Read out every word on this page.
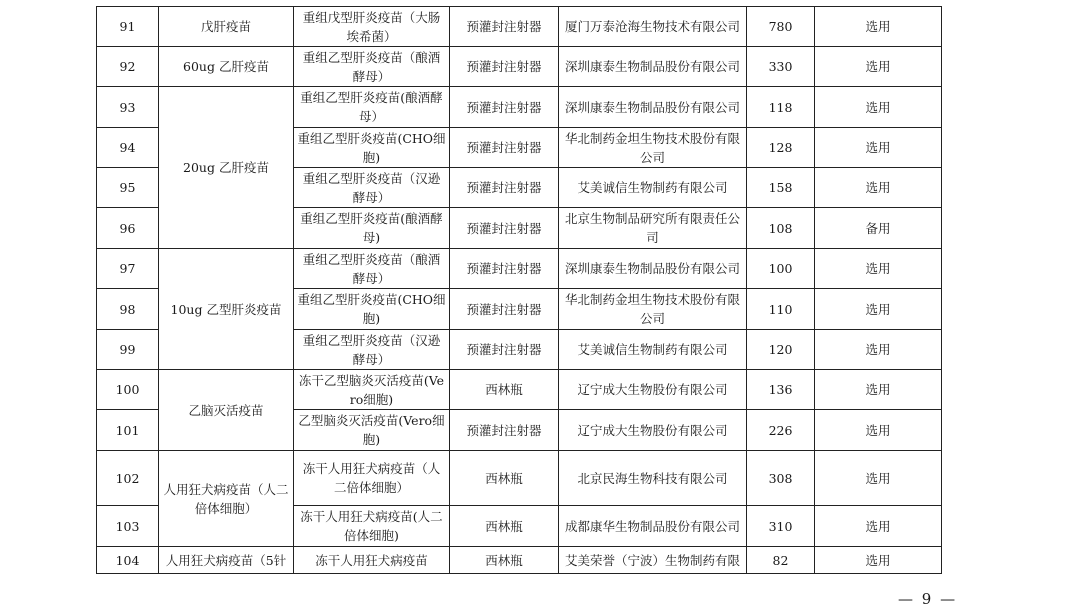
91	戊肝疫苗	重组戊型肝炎疫苗（大肠埃希菌）	预灌封注射器	厦门万泰沧海生物技术有限公司	780	选用
92	60ug 乙肝疫苗	重组乙型肝炎疫苗（酿酒酵母）	预灌封注射器	深圳康泰生物制品股份有限公司	330	选用
93	20ug 乙肝疫苗	重组乙型肝炎疫苗(酿酒酵母）	预灌封注射器	深圳康泰生物制品股份有限公司	118	选用
94		重组乙型肝炎疫苗(CHO细胞)	预灌封注射器	华北制药金坦生物技术股份有限公司	128	选用
95		重组乙型肝炎疫苗（汉逊酵母）	预灌封注射器	艾美诚信生物制药有限公司	158	选用
96		重组乙型肝炎疫苗(酿酒酵母)	预灌封注射器	北京生物制品研究所有限责任公司	108	备用
97	10ug 乙型肝炎疫苗	重组乙型肝炎疫苗（酿酒酵母）	预灌封注射器	深圳康泰生物制品股份有限公司	100	选用
98		重组乙型肝炎疫苗(CHO细胞)	预灌封注射器	华北制药金坦生物技术股份有限公司	110	选用
99		重组乙型肝炎疫苗（汉逊酵母）	预灌封注射器	艾美诚信生物制药有限公司	120	选用
100	乙脑灭活疫苗	冻干乙型脑炎灭活疫苗(Vero细胞)	西林瓶	辽宁成大生物股份有限公司	136	选用
101		乙型脑炎灭活疫苗(Vero细胞)	预灌封注射器	辽宁成大生物股份有限公司	226	选用
102	人用狂犬病疫苗（人二倍体细胞）	冻干人用狂犬病疫苗（人二倍体细胞）	西林瓶	北京民海生物科技有限公司	308	选用
103		冻干人用狂犬病疫苗(人二倍体细胞)	西林瓶	成都康华生物制品股份有限公司	310	选用
104	人用狂犬病疫苗（5针	冻干人用狂犬病疫苗	西林瓶	艾美荣誉（宁波）生物制药有限	82	选用
— 9 —
